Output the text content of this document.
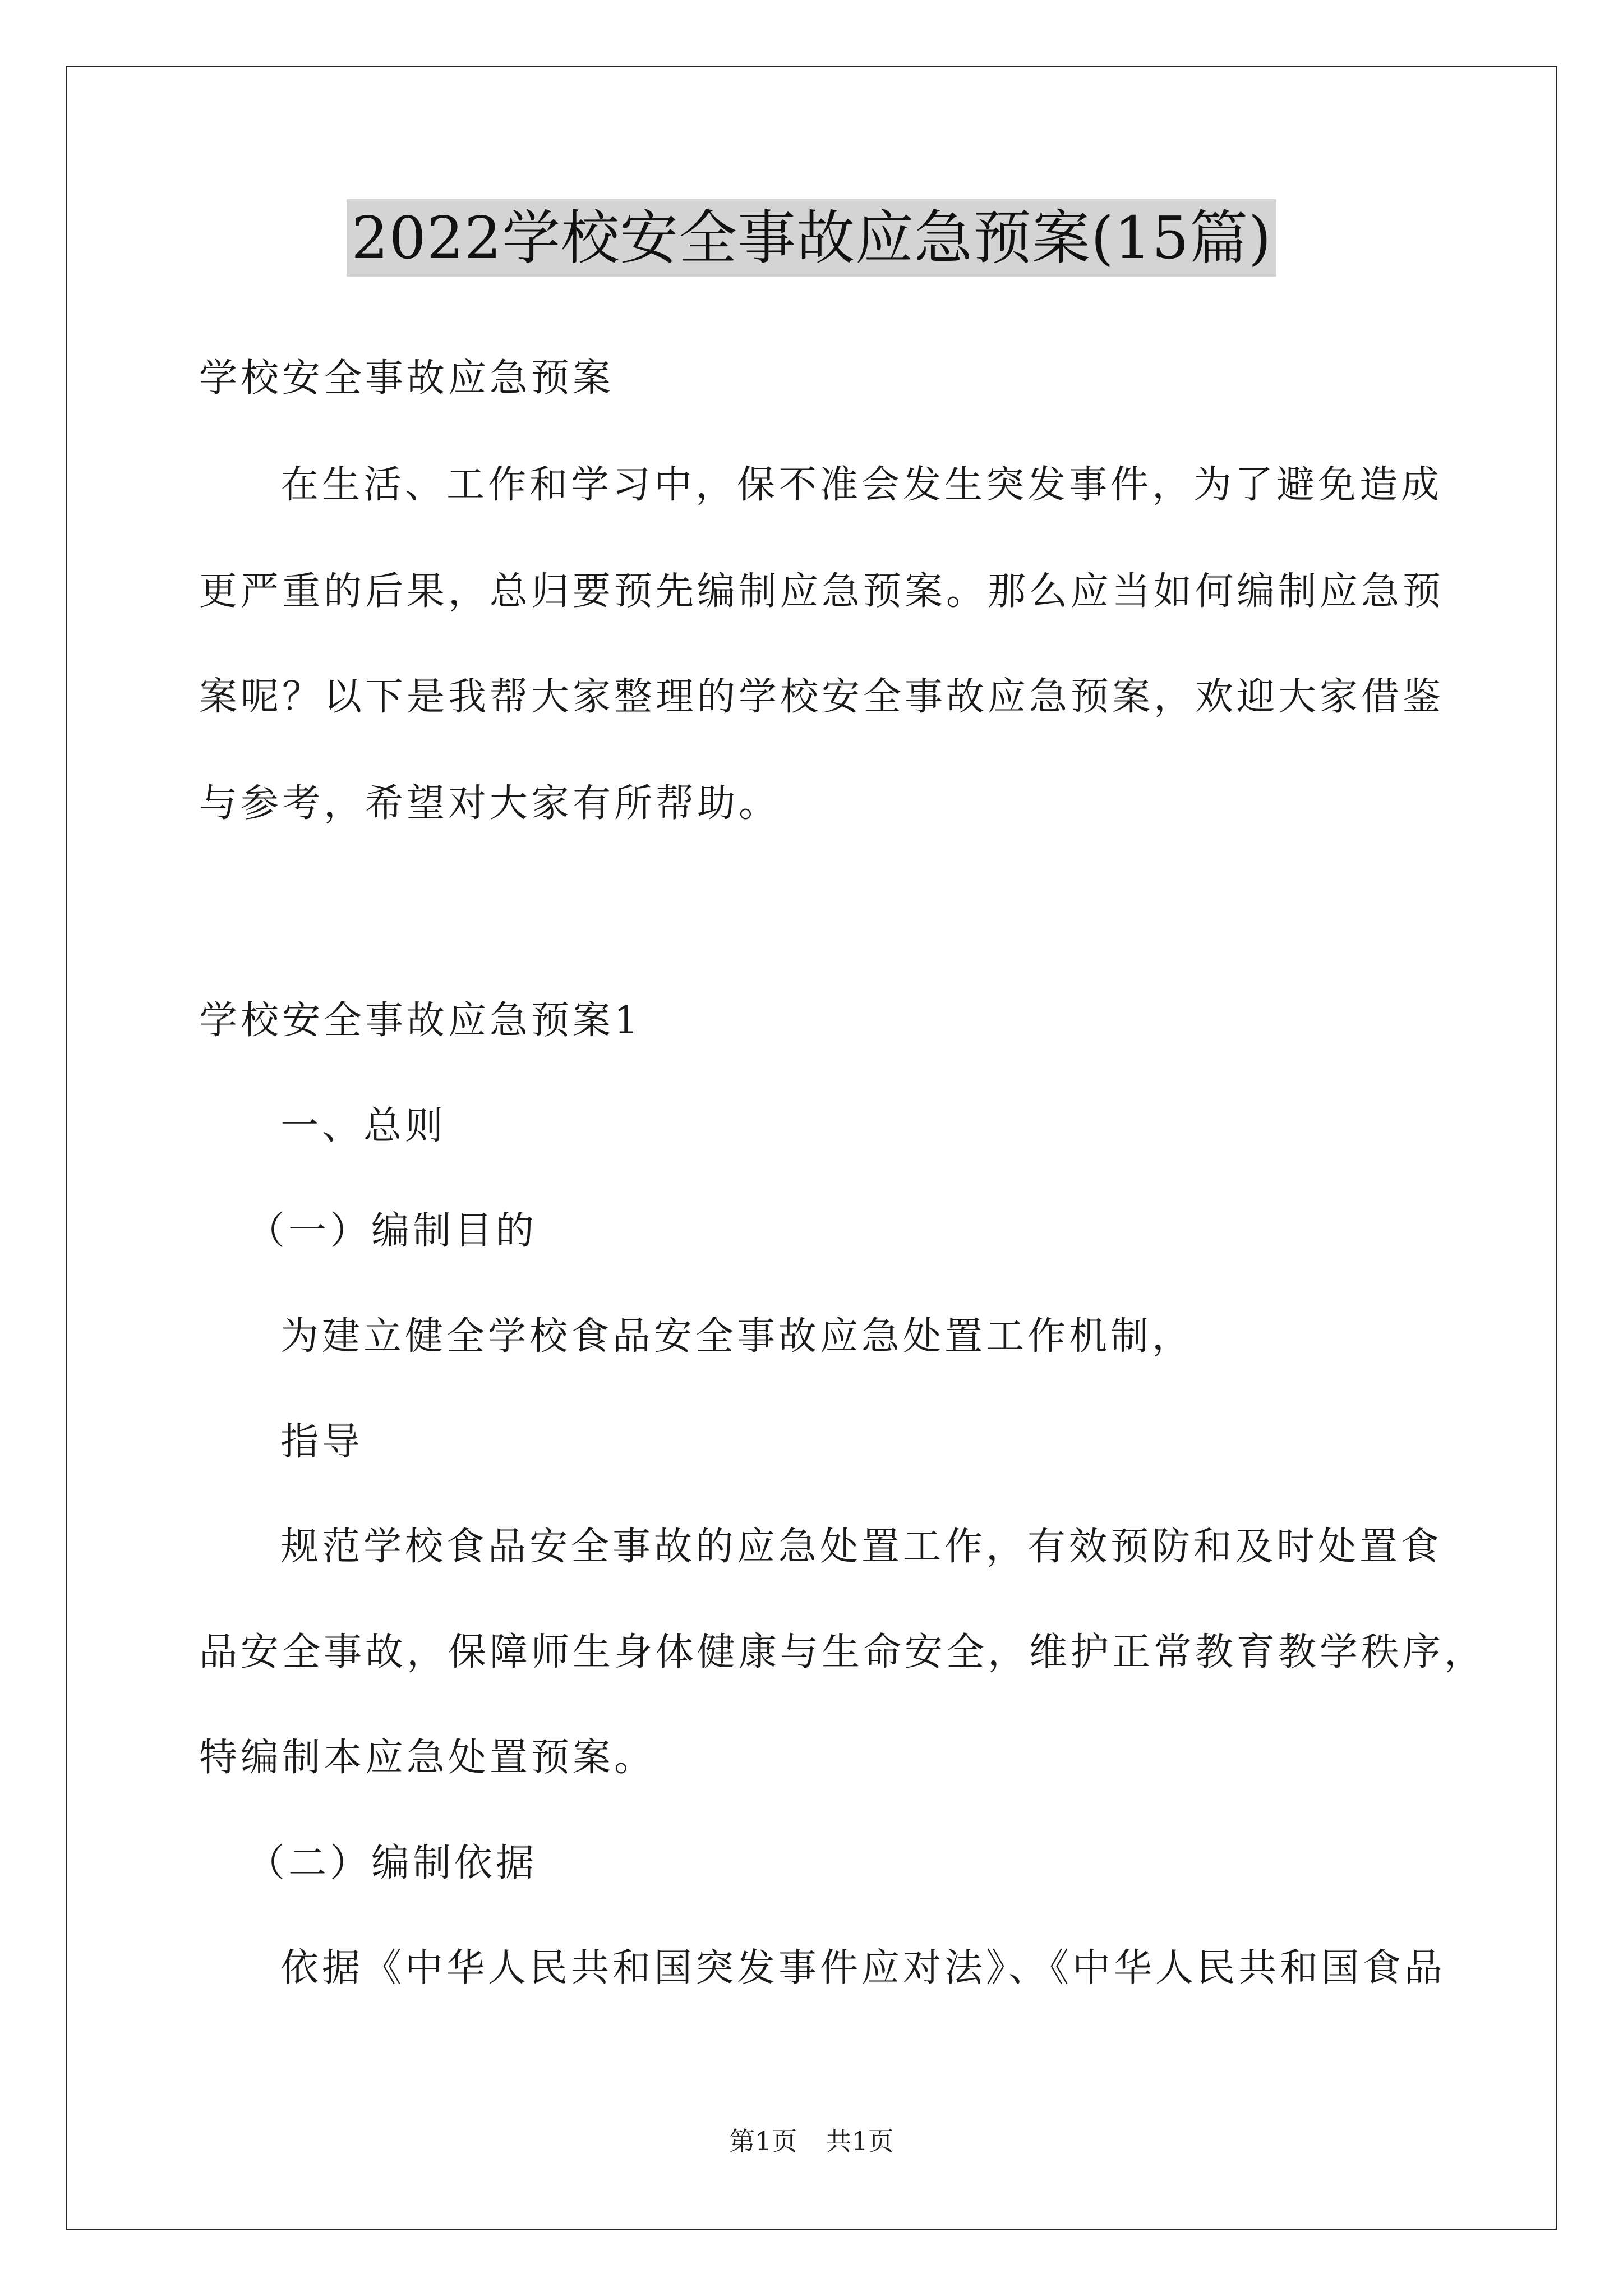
2022学校安全事故应急预案(15篇)
学校安全事故应急预案
在生活、工作和学习中，保不准会发生突发事件，为了避免造成
更严重的后果，总归要预先编制应急预案。那么应当如何编制应急预
案呢？以下是我帮大家整理的学校安全事故应急预案，欢迎大家借鉴
与参考，希望对大家有所帮助。
学校安全事故应急预案1
一、总则
（一）编制目的
为建立健全学校食品安全事故应急处置工作机制，
指导
规范学校食品安全事故的应急处置工作，有效预防和及时处置食
品安全事故，保障师生身体健康与生命安全，维护正常教育教学秩序，
特编制本应急处置预案。
（二）编制依据
依据《中华人民共和国突发事件应对法》、《中华人民共和国食品
第1页 共1页
